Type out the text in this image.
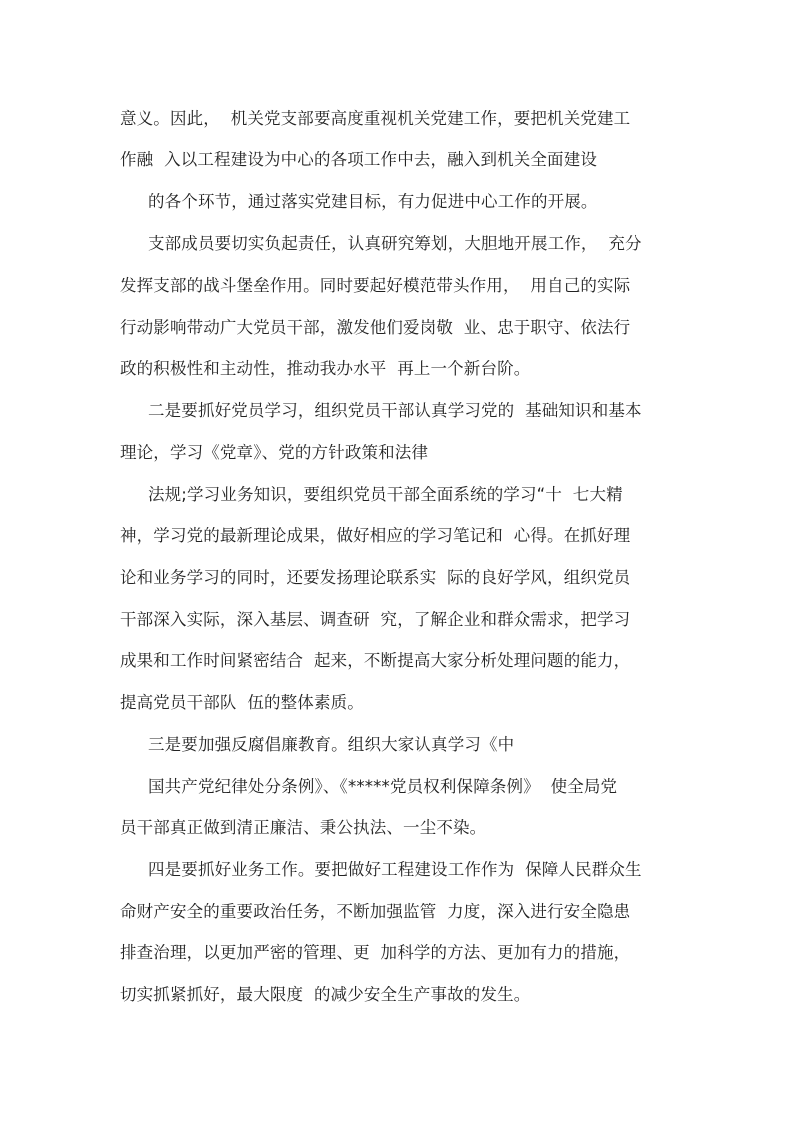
意义。因此，  机关党支部要高度重视机关党建工作，要把机关党建工
作融  入以工程建设为中心的各项工作中去，融入到机关全面建设
的各个环节，通过落实党建目标，有力促进中心工作的开展。
支部成员要切实负起责任，认真研究筹划，大胆地开展工作，  充分
发挥支部的战斗堡垒作用。同时要起好模范带头作用，  用自己的实际
行动影响带动广大党员干部，激发他们爱岗敬  业、忠于职守、依法行
政的积极性和主动性，推动我办水平  再上一个新台阶。
二是要抓好党员学习，组织党员干部认真学习党的  基础知识和基本
理论，学习《党章》、党的方针政策和法律
法规;学习业务知识，要组织党员干部全面系统的学习“十  七大精
神，学习党的最新理论成果，做好相应的学习笔记和  心得。在抓好理
论和业务学习的同时，还要发扬理论联系实  际的良好学风，组织党员
干部深入实际，深入基层、调查研  究，了解企业和群众需求，把学习
成果和工作时间紧密结合  起来，不断提高大家分析处理问题的能力，
提高党员干部队  伍的整体素质。
三是要加强反腐倡廉教育。组织大家认真学习《中
国共产党纪律处分条例》、《*****党员权利保障条例》  使全局党
员干部真正做到清正廉洁、秉公执法、一尘不染。
四是要抓好业务工作。要把做好工程建设工作作为  保障人民群众生
命财产安全的重要政治任务，不断加强监管  力度，深入进行安全隐患
排查治理，以更加严密的管理、更  加科学的方法、更加有力的措施，
切实抓紧抓好，最大限度  的减少安全生产事故的发生。
